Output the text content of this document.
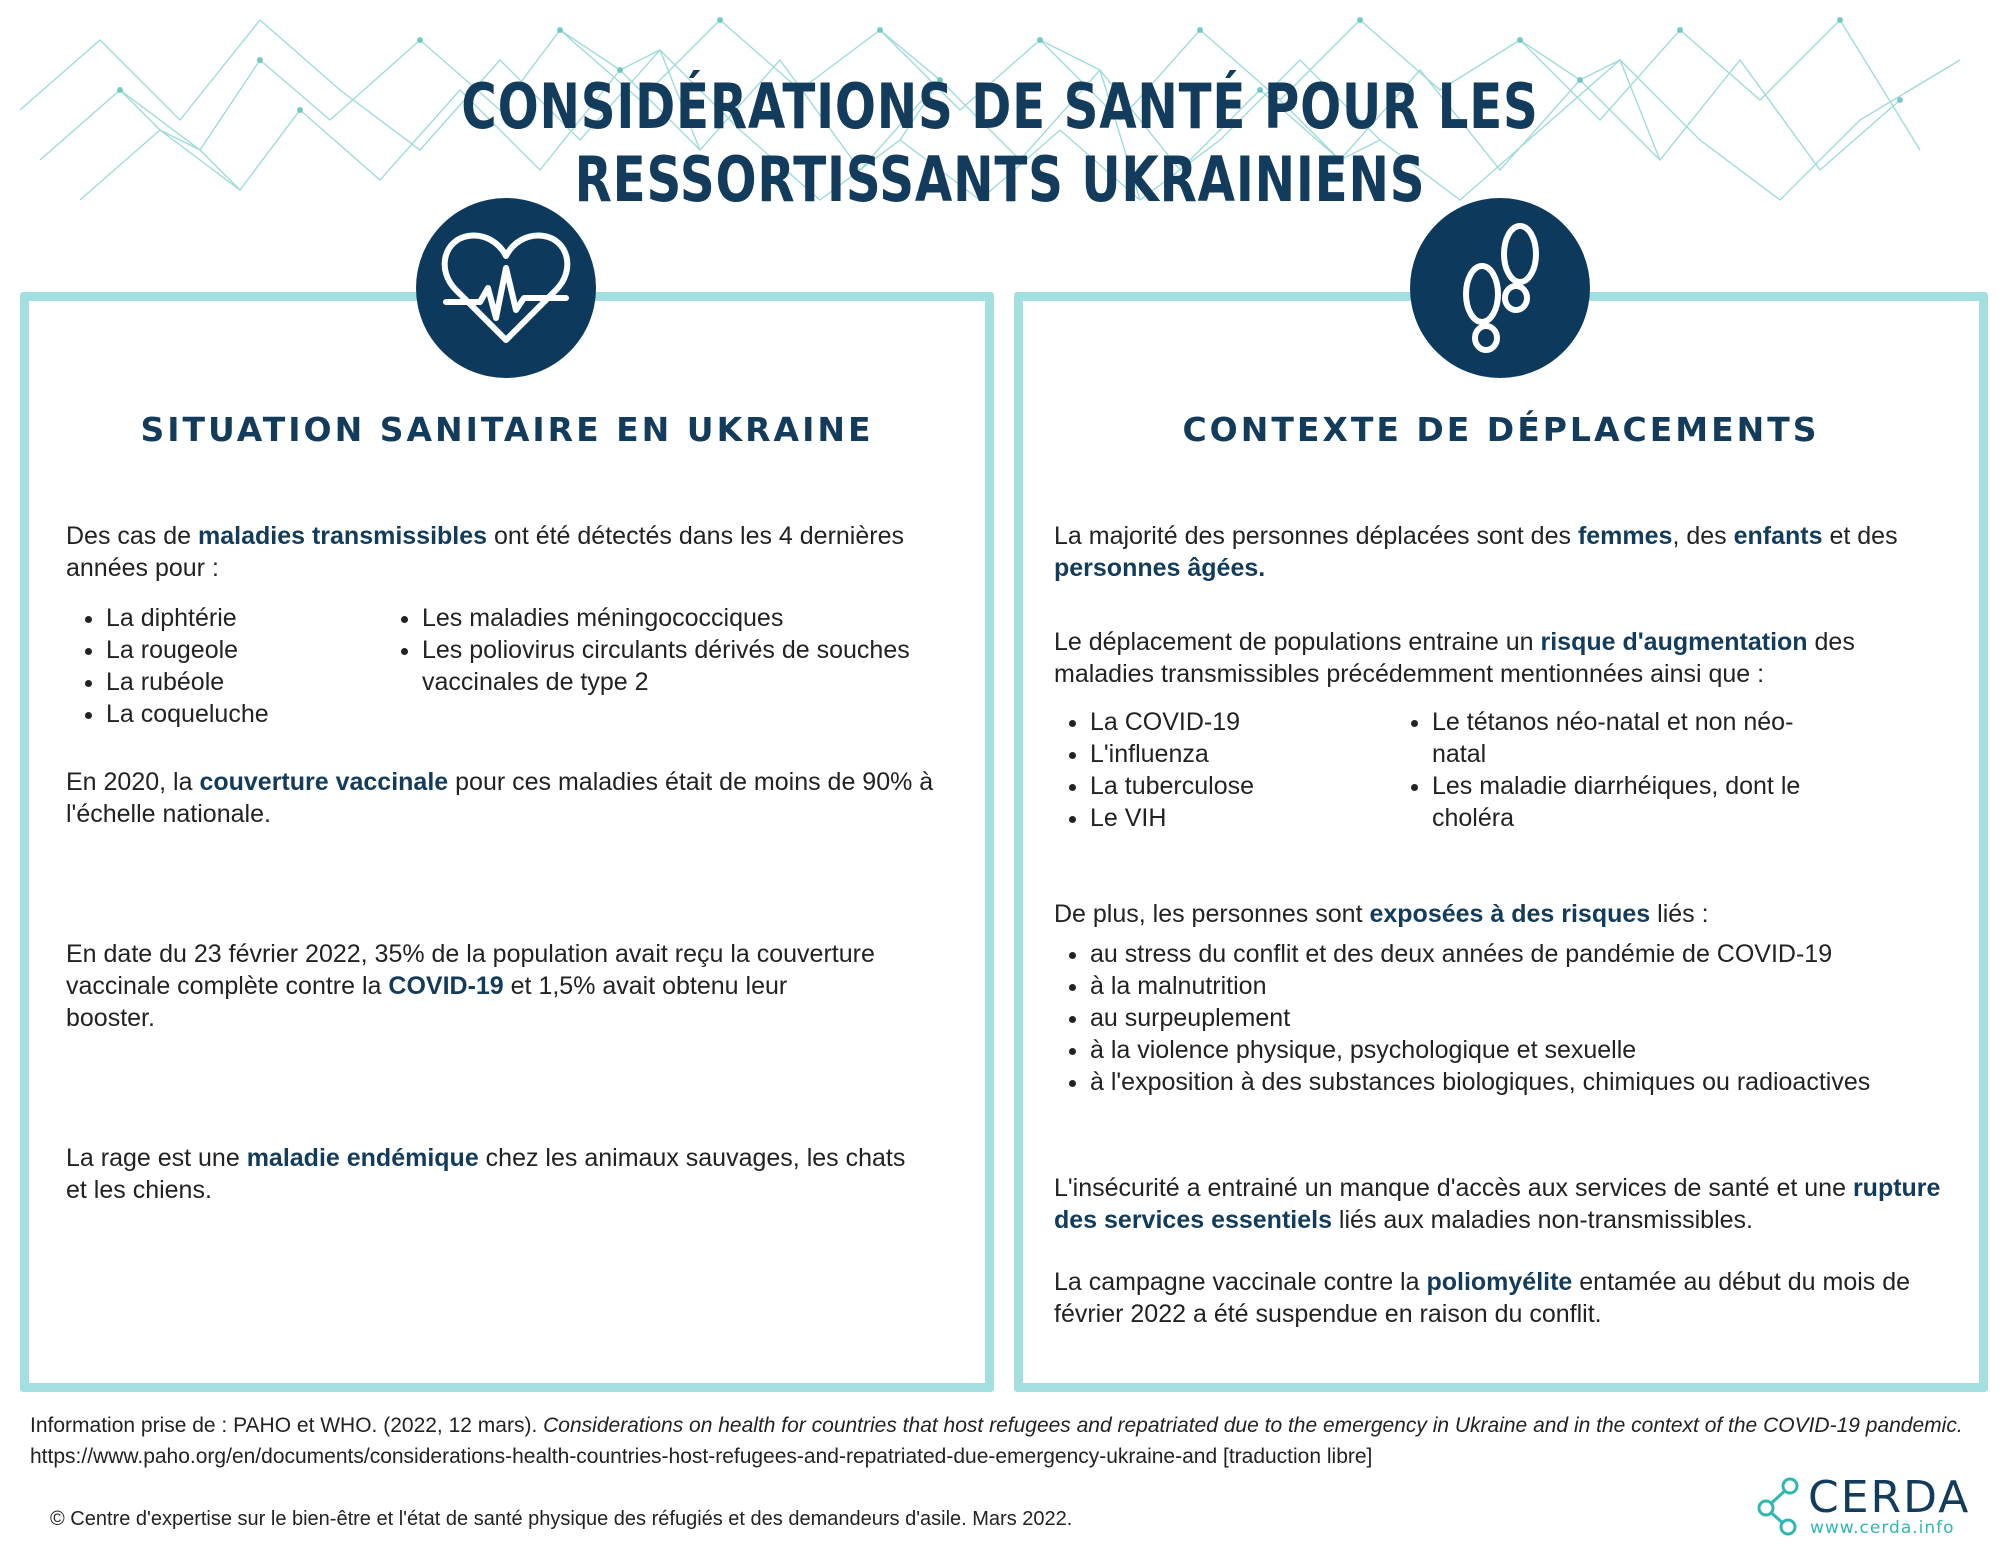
CONSIDÉRATIONS DE SANTÉ POUR LES RESSORTISSANTS UKRAINIENS
SITUATION SANITAIRE EN UKRAINE	CONTEXTE DE DÉPLACEMENTS
Des cas de maladies transmissibles ont été détectés dans les 4 dernières années pour :
• La diphtérie
• La rougeole
• La rubéole
• La coqueluche
• Les maladies méningococciques
• Les poliovirus circulants dérivés de souches vaccinales de type 2
En 2020, la couverture vaccinale pour ces maladies était de moins de 90% à l'échelle nationale.
En date du 23 février 2022, 35% de la population avait reçu la couverture vaccinale complète contre la COVID-19 et 1,5% avait obtenu leur booster.
La rage est une maladie endémique chez les animaux sauvages, les chats et les chiens.
La majorité des personnes déplacées sont des femmes, des enfants et des personnes âgées.
Le déplacement de populations entraine un risque d'augmentation des maladies transmissibles précédemment mentionnées ainsi que :
• La COVID-19
• L'influenza
• La tuberculose
• Le VIH
• Le tétanos néo-natal et non néo-natal
• Les maladie diarrhéiques, dont le choléra
De plus, les personnes sont exposées à des risques liés :
• au stress du conflit et des deux années de pandémie de COVID-19
• à la malnutrition
• au surpeuplement
• à la violence physique, psychologique et sexuelle
• à l'exposition à des substances biologiques, chimiques ou radioactives
L'insécurité a entrainé un manque d'accès aux services de santé et une rupture des services essentiels liés aux maladies non-transmissibles.
La campagne vaccinale contre la poliomyélite entamée au début du mois de février 2022 a été suspendue en raison du conflit.
Information prise de : PAHO et WHO. (2022, 12 mars). Considerations on health for countries that host refugees and repatriated due to the emergency in Ukraine and in the context of the COVID-19 pandemic. https://www.paho.org/en/documents/considerations-health-countries-host-refugees-and-repatriated-due-emergency-ukraine-and [traduction libre]
© Centre d'expertise sur le bien-être et l'état de santé physique des réfugiés et des demandeurs d'asile. Mars 2022.	CERDA
www.cerda.info
